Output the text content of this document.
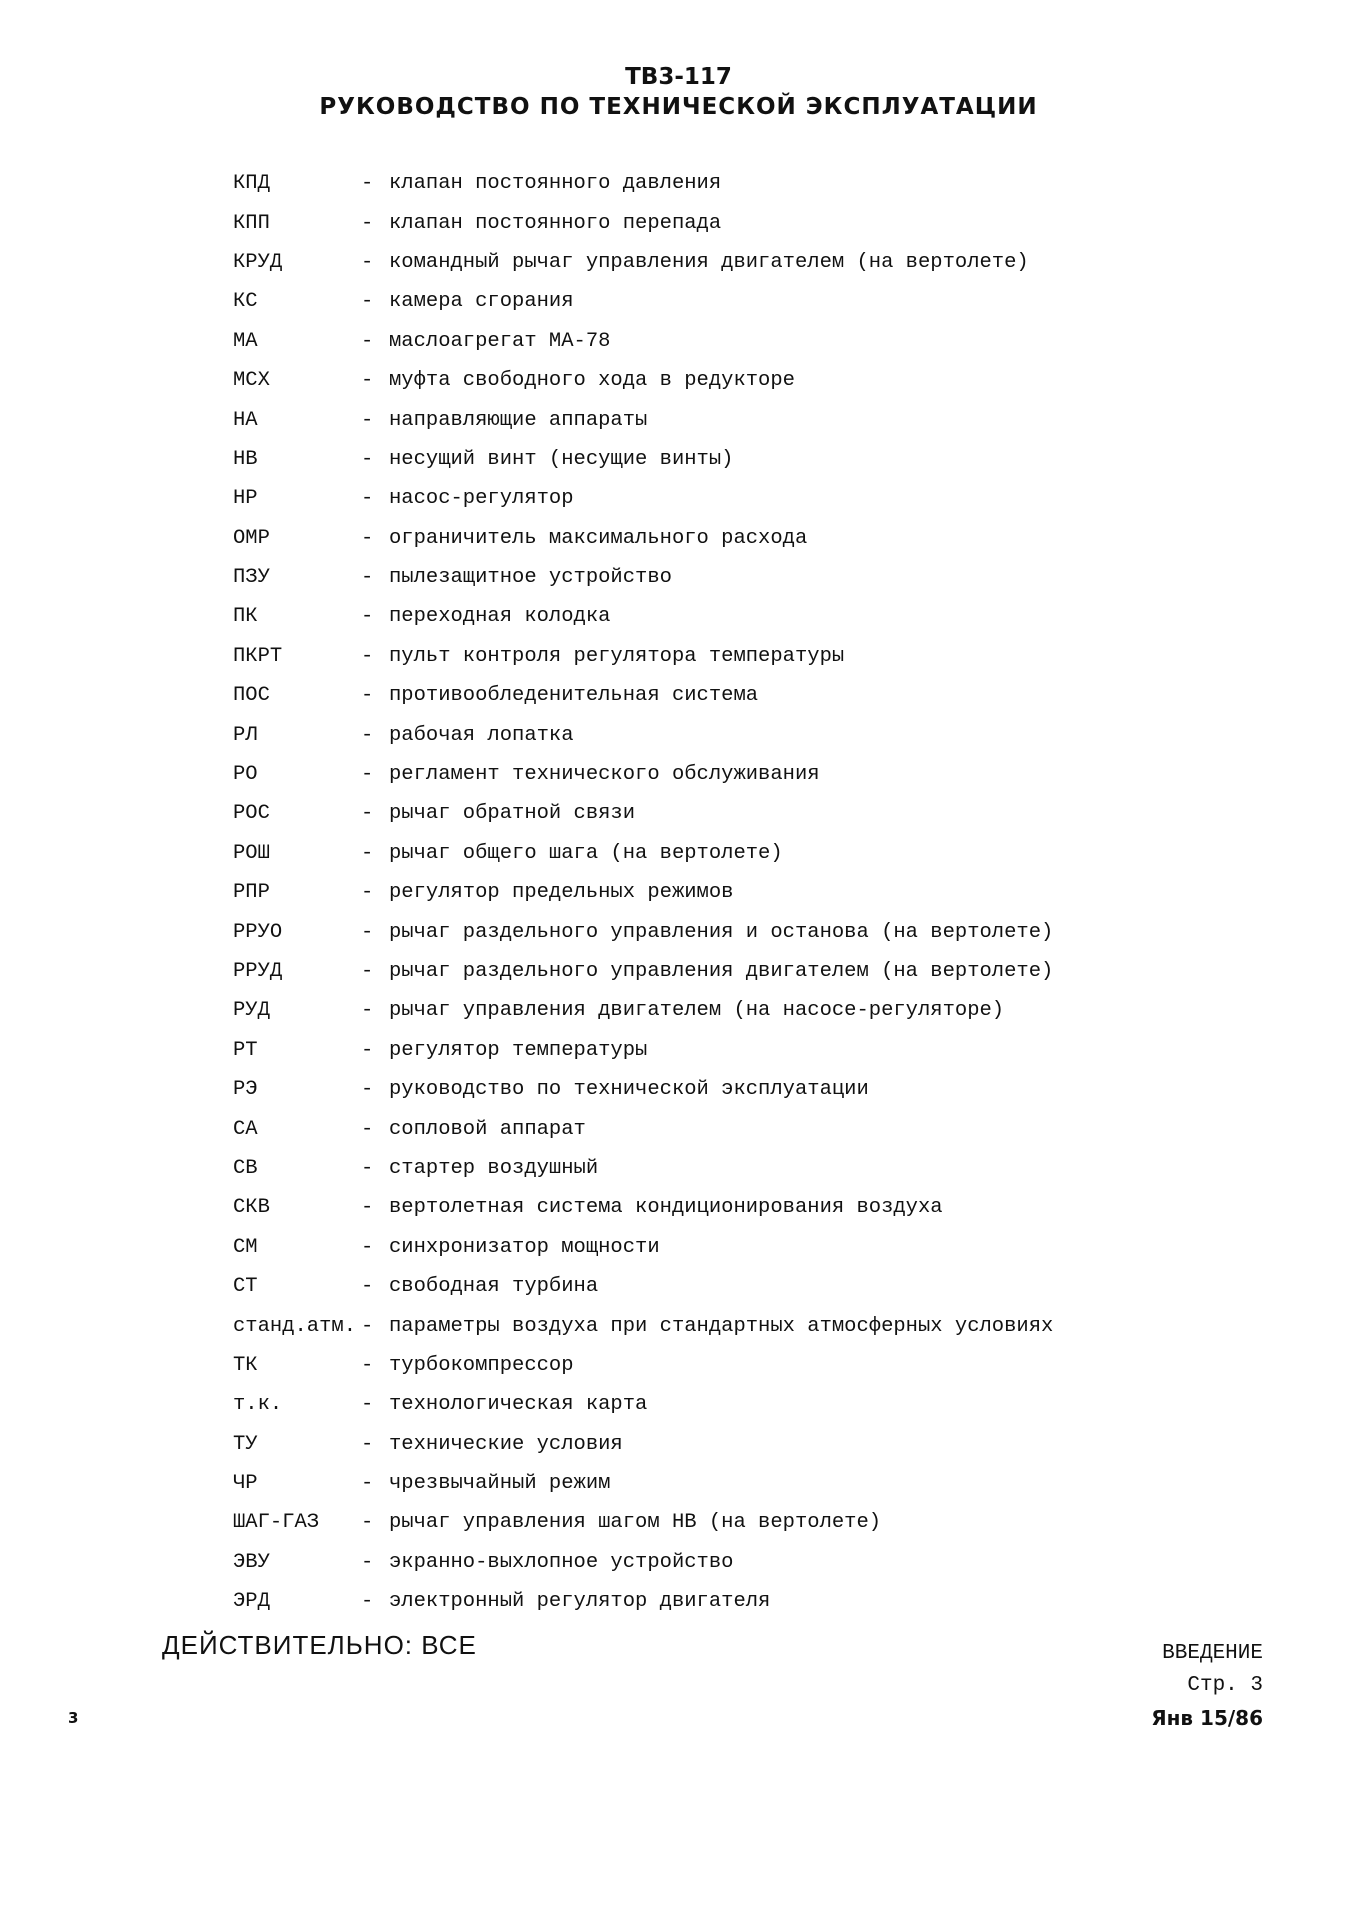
ТВ3-117
РУКОВОДСТВО ПО ТЕХНИЧЕСКОЙ ЭКСПЛУАТАЦИИ
КПД	- клапан постоянного давления
КПП	- клапан постоянного перепада
КРУД	- командный рычаг управления двигателем (на вертолете)
КС	- камера сгорания
МА	- маслоагрегат МА-78
МСХ	- муфта свободного хода в редукторе
НА	- направляющие аппараты
НВ	- несущий винт (несущие винты)
НР	- насос-регулятор
ОМР	- ограничитель максимального расхода
ПЗУ	- пылезащитное устройство
ПК	- переходная колодка
ПКРТ	- пульт контроля регулятора температуры
ПОС	- противообледенительная система
РЛ	- рабочая лопатка
РО	- регламент технического обслуживания
РОС	- рычаг обратной связи
РОШ	- рычаг общего шага (на вертолете)
РПР	- регулятор предельных режимов
РРУО	- рычаг раздельного управления и останова (на вертолете)
РРУД	- рычаг раздельного управления двигателем (на вертолете)
РУД	- рычаг управления двигателем (на насосе-регуляторе)
РТ	- регулятор температуры
РЭ	- руководство по технической эксплуатации
СА	- сопловой аппарат
СВ	- стартер воздушный
СКВ	- вертолетная система кондиционирования воздуха
СМ	- синхронизатор мощности
СТ	- свободная турбина
станд.атм. - параметры воздуха при стандартных атмосферных условиях
ТК	- турбокомпрессор
т.к.	- технологическая карта
ТУ	- технические условия
ЧР	- чрезвычайный режим
ШАГ-ГАЗ	- рычаг управления шагом НВ (на вертолете)
ЭВУ	- экранно-выхлопное устройство
ЭРД	- электронный регулятор двигателя
ДЕЙСТВИТЕЛЬНО: ВСЕ	ВВЕДЕНИЕ
Стр. 3
Янв 15/86
3
